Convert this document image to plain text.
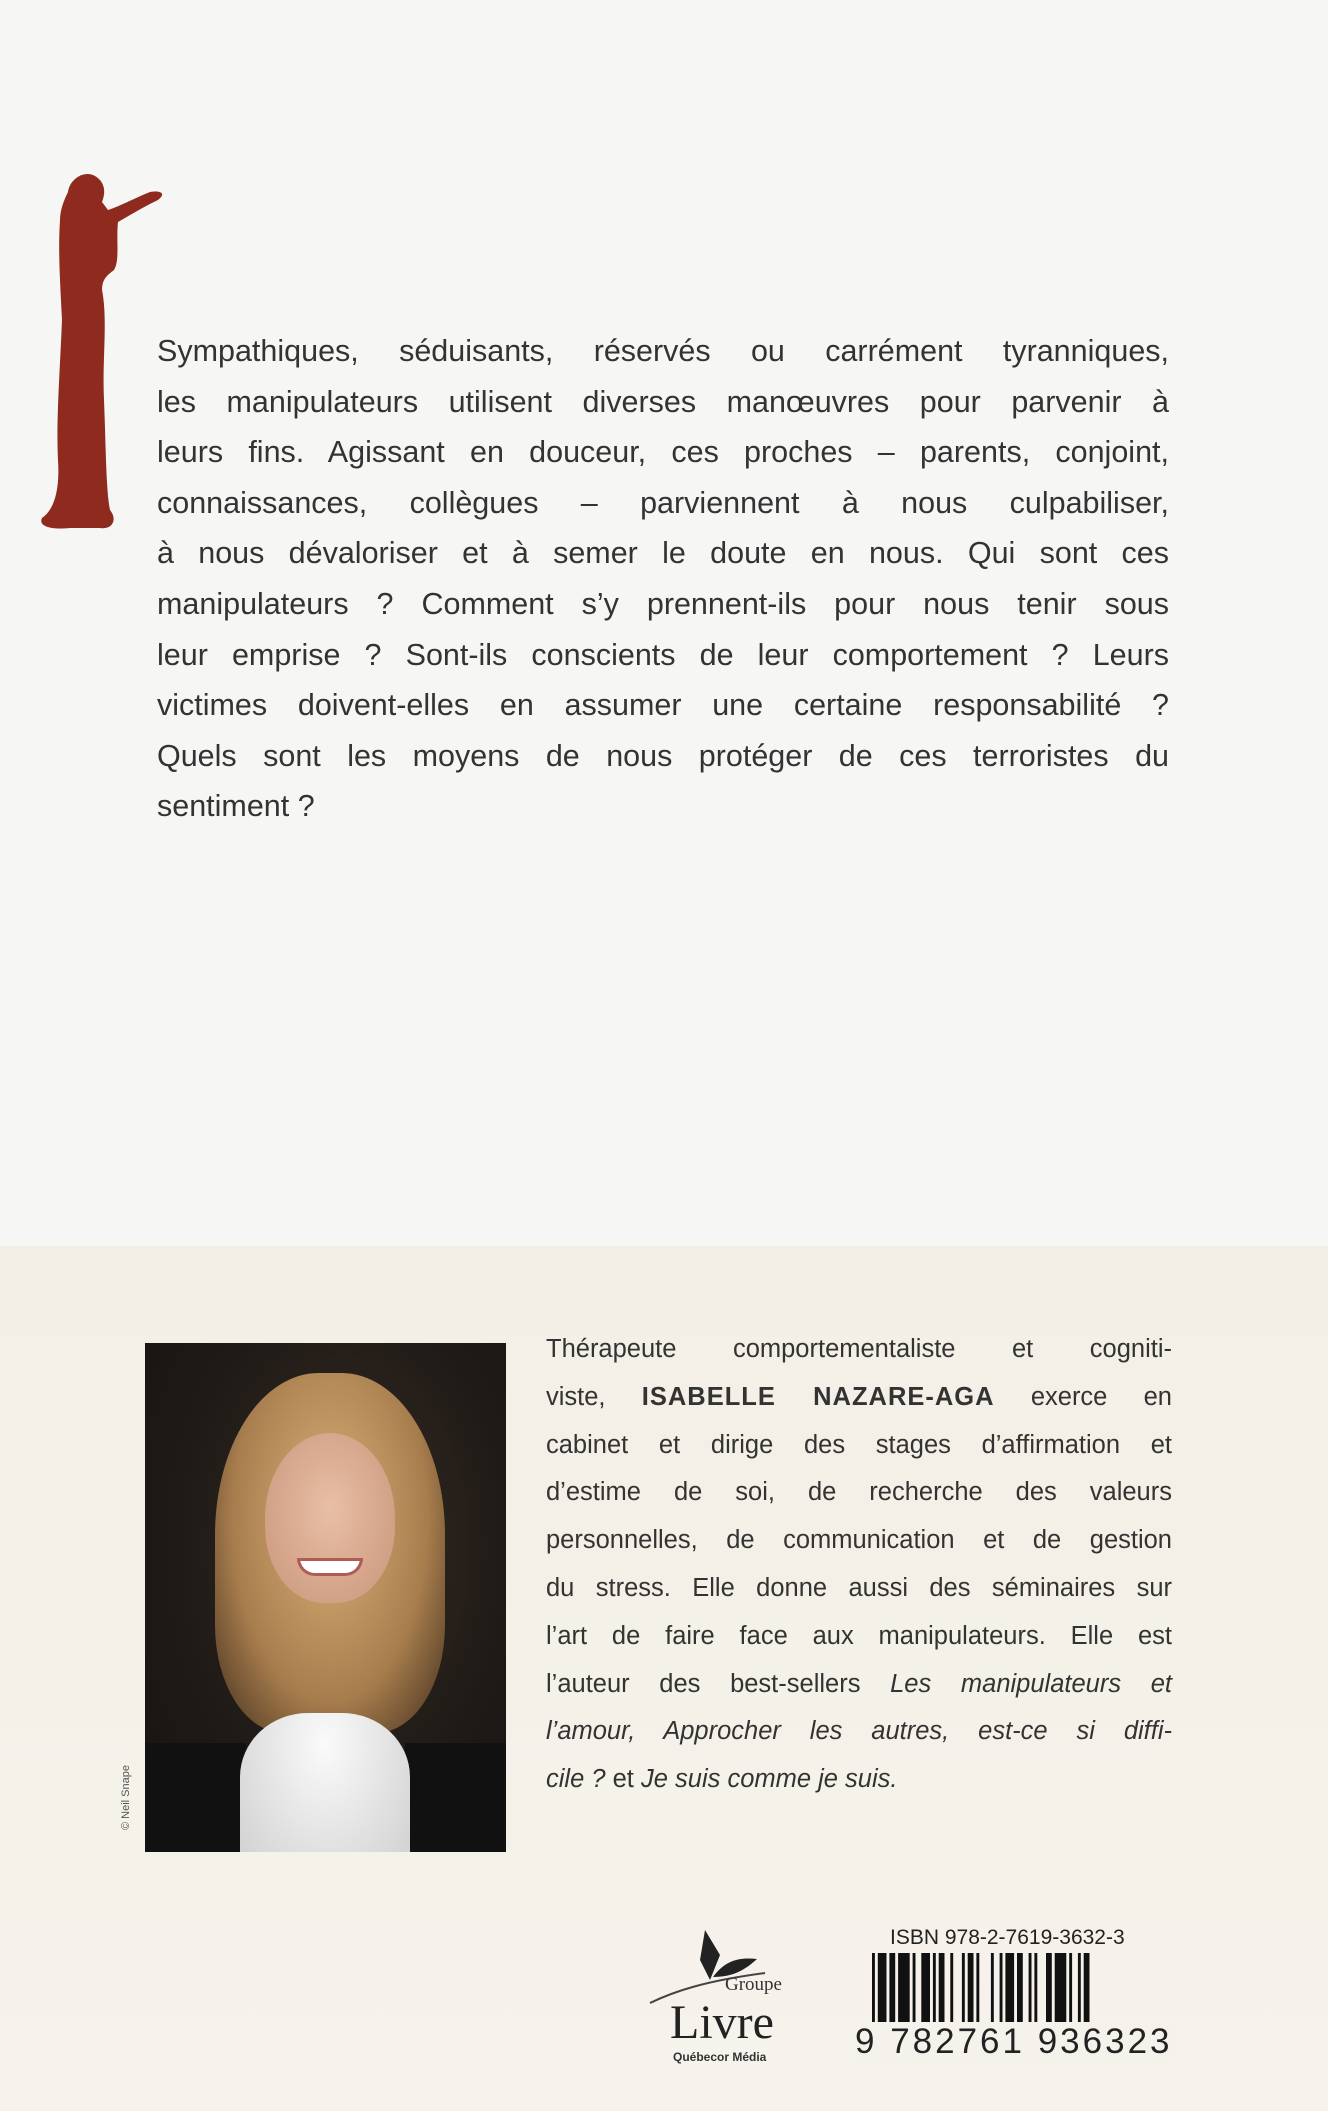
Sympathiques, séduisants, réservés ou carrément tyranniques,
les manipulateurs utilisent diverses manœuvres pour parvenir à
leurs fins. Agissant en douceur, ces proches – parents, conjoint,
connaissances, collègues – parviennent à nous culpabiliser,
à nous dévaloriser et à semer le doute en nous. Qui sont ces
manipulateurs ? Comment s’y prennent-ils pour nous tenir sous
leur emprise ? Sont-ils conscients de leur comportement ? Leurs
victimes doivent-elles en assumer une certaine responsabilité ?
Quels sont les moyens de nous protéger de ces terroristes du
sentiment ?
© Neil Snape
Thérapeute comportementaliste et cogniti-
viste, ISABELLE NAZARE-AGA exerce en
cabinet et dirige des stages d’affirmation et
d’estime de soi, de recherche des valeurs
personnelles, de communication et de gestion
du stress. Elle donne aussi des séminaires sur
l’art de faire face aux manipulateurs. Elle est
l’auteur des best-sellers Les manipulateurs et
l’amour, Approcher les autres, est-ce si diffi-
cile ? et Je suis comme je suis.
Groupe
Livre
Québecor Média
ISBN 978-2-7619-3632-3
9 782761 936323
